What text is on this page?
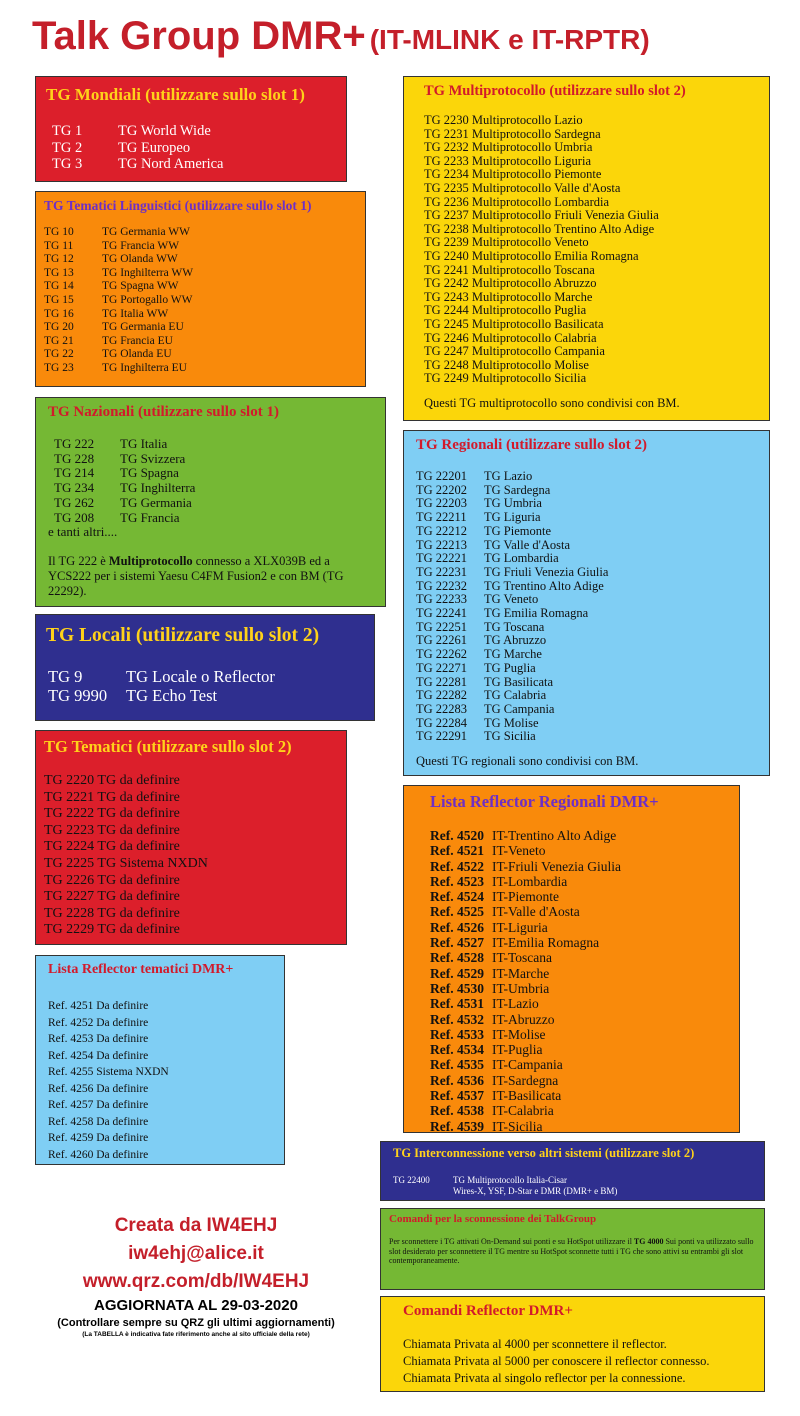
Talk Group DMR+ (IT-MLINK e IT-RPTR)
TG Mondiali (utilizzare sullo slot 1)
TG 1	TG World Wide
TG 2	TG Europeo
TG 3	TG Nord America
TG Tematici Linguistici (utilizzare sullo slot 1)
TG 10	TG Germania WW
TG 11	TG Francia WW
TG 12	TG Olanda WW
TG 13	TG Inghilterra WW
TG 14	TG Spagna WW
TG 15	TG Portogallo WW
TG 16	TG Italia WW
TG 20	TG Germania EU
TG 21	TG Francia EU
TG 22	TG Olanda EU
TG 23	TG Inghilterra EU
TG Nazionali (utilizzare sullo slot 1)
TG 222	TG Italia
TG 228	TG Svizzera
TG 214	TG Spagna
TG 234	TG Inghilterra
TG 262	TG Germania
TG 208	TG Francia
e tanti altri....
Il TG 222 è Multiprotocollo connesso a XLX039B ed a YCS222 per i sistemi Yaesu C4FM Fusion2 e con BM (TG 22292).
TG Locali (utilizzare sullo slot 2)
TG 9	TG Locale o Reflector
TG 9990	TG Echo Test
TG Tematici (utilizzare sullo slot 2)
TG 2220 TG da definire
TG 2221 TG da definire
TG 2222 TG da definire
TG 2223 TG da definire
TG 2224 TG da definire
TG 2225 TG Sistema NXDN
TG 2226 TG da definire
TG 2227 TG da definire
TG 2228 TG da definire
TG 2229 TG da definire
Lista Reflector tematici DMR+
Ref. 4251 Da definire
Ref. 4252 Da definire
Ref. 4253 Da definire
Ref. 4254 Da definire
Ref. 4255 Sistema NXDN
Ref. 4256 Da definire
Ref. 4257 Da definire
Ref. 4258 Da definire
Ref. 4259 Da definire
Ref. 4260 Da definire
Creata da IW4EHJ
iw4ehj@alice.it
www.qrz.com/db/IW4EHJ
AGGIORNATA AL 29-03-2020
(Controllare sempre su QRZ gli ultimi aggiornamenti)
(La TABELLA è indicativa fate riferimento anche al sito ufficiale della rete)
TG Multiprotocollo (utilizzare sullo slot 2)
TG 2230 Multiprotocollo Lazio
TG 2231 Multiprotocollo Sardegna
TG 2232 Multiprotocollo Umbria
TG 2233 Multiprotocollo Liguria
TG 2234 Multiprotocollo Piemonte
TG 2235 Multiprotocollo Valle d'Aosta
TG 2236 Multiprotocollo Lombardia
TG 2237 Multiprotocollo Friuli Venezia Giulia
TG 2238 Multiprotocollo Trentino Alto Adige
TG 2239 Multiprotocollo Veneto
TG 2240 Multiprotocollo Emilia Romagna
TG 2241 Multiprotocollo Toscana
TG 2242 Multiprotocollo Abruzzo
TG 2243 Multiprotocollo Marche
TG 2244 Multiprotocollo Puglia
TG 2245 Multiprotocollo Basilicata
TG 2246 Multiprotocollo Calabria
TG 2247 Multiprotocollo Campania
TG 2248 Multiprotocollo Molise
TG 2249 Multiprotocollo Sicilia
Questi TG multiprotocollo sono condivisi con BM.
TG Regionali (utilizzare sullo slot 2)
TG 22201	TG Lazio
TG 22202	TG Sardegna
TG 22203	TG Umbria
TG 22211	TG Liguria
TG 22212	TG Piemonte
TG 22213	TG Valle d'Aosta
TG 22221	TG Lombardia
TG 22231	TG Friuli Venezia Giulia
TG 22232	TG Trentino Alto Adige
TG 22233	TG Veneto
TG 22241	TG Emilia Romagna
TG 22251	TG Toscana
TG 22261	TG Abruzzo
TG 22262	TG Marche
TG 22271	TG Puglia
TG 22281	TG Basilicata
TG 22282	TG Calabria
TG 22283	TG Campania
TG 22284	TG Molise
TG 22291	TG Sicilia
Questi TG regionali sono condivisi con BM.
Lista Reflector Regionali DMR+
Ref. 4520 IT-Trentino Alto Adige
Ref. 4521 IT-Veneto
Ref. 4522 IT-Friuli Venezia Giulia
Ref. 4523 IT-Lombardia
Ref. 4524 IT-Piemonte
Ref. 4525 IT-Valle d'Aosta
Ref. 4526 IT-Liguria
Ref. 4527 IT-Emilia Romagna
Ref. 4528 IT-Toscana
Ref. 4529 IT-Marche
Ref. 4530 IT-Umbria
Ref. 4531 IT-Lazio
Ref. 4532 IT-Abruzzo
Ref. 4533 IT-Molise
Ref. 4534 IT-Puglia
Ref. 4535 IT-Campania
Ref. 4536 IT-Sardegna
Ref. 4537 IT-Basilicata
Ref. 4538 IT-Calabria
Ref. 4539 IT-Sicilia
TG Interconnessione verso altri sistemi (utilizzare slot 2)
TG 22400	TG Multiprotocollo Italia-Cisar
Wires-X, YSF, D-Star e DMR (DMR+ e BM)
Comandi per la sconnessione dei TalkGroup
Per sconnettere i TG attivati On-Demand sui ponti e su HotSpot utilizzare il TG 4000 Sui ponti va utilizzato sullo slot desiderato per sconnettere il TG mentre su HotSpot sconnette tutti i TG che sono attivi su entrambi gli slot contemporaneamente.
Comandi Reflector DMR+
Chiamata Privata al 4000 per sconnettere il reflector.
Chiamata Privata al 5000 per conoscere il reflector connesso.
Chiamata Privata al singolo reflector per la connessione.
